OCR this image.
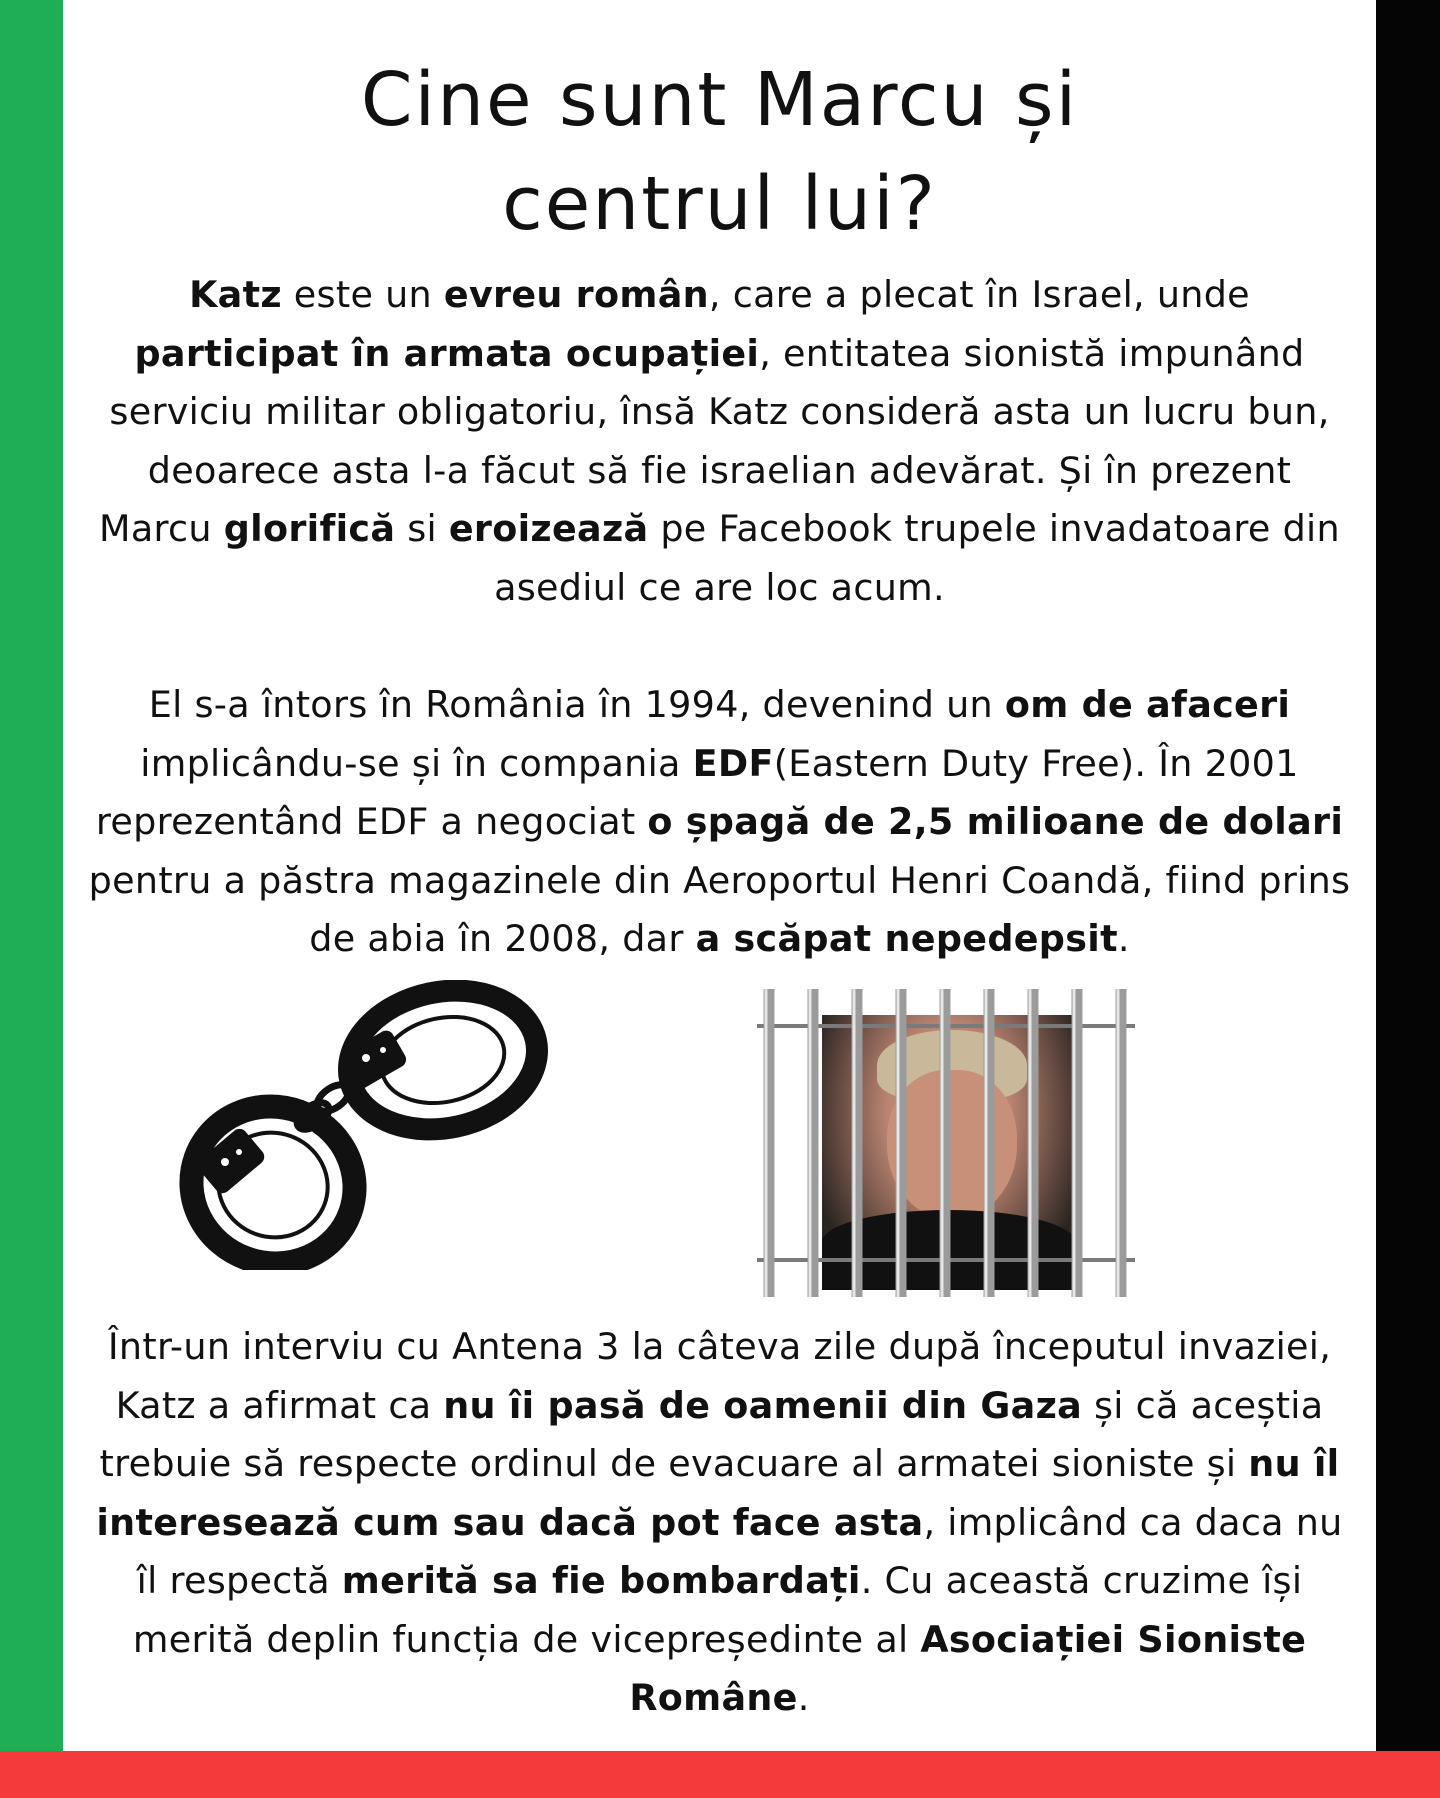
Cine sunt Marcu și
centrul lui?

Katz este un evreu român, care a plecat în Israel, unde participat în armata ocupației, entitatea sionistă impunând serviciu militar obligatoriu, însă Katz consideră asta un lucru bun, deoarece asta l-a făcut să fie israelian adevărat. Și în prezent Marcu glorifică si eroizează pe Facebook trupele invadatoare din asediul ce are loc acum.

El s-a întors în România în 1994, devenind un om de afaceri implicându-se și în compania EDF(Eastern Duty Free). În 2001 reprezentând EDF a negociat o șpagă de 2,5 milioane de dolari pentru a păstra magazinele din Aeroportul Henri Coandă, fiind prins de abia în 2008, dar a scăpat nepedepsit.

Într-un interviu cu Antena 3 la câteva zile după începutul invaziei, Katz a afirmat ca nu îi pasă de oamenii din Gaza și că aceștia trebuie să respecte ordinul de evacuare al armatei sioniste și nu îl interesează cum sau dacă pot face asta, implicând ca daca nu îl respectă merită sa fie bombardați. Cu această cruzime își merită deplin funcția de vicepreședinte al Asociației Sioniste Române.
